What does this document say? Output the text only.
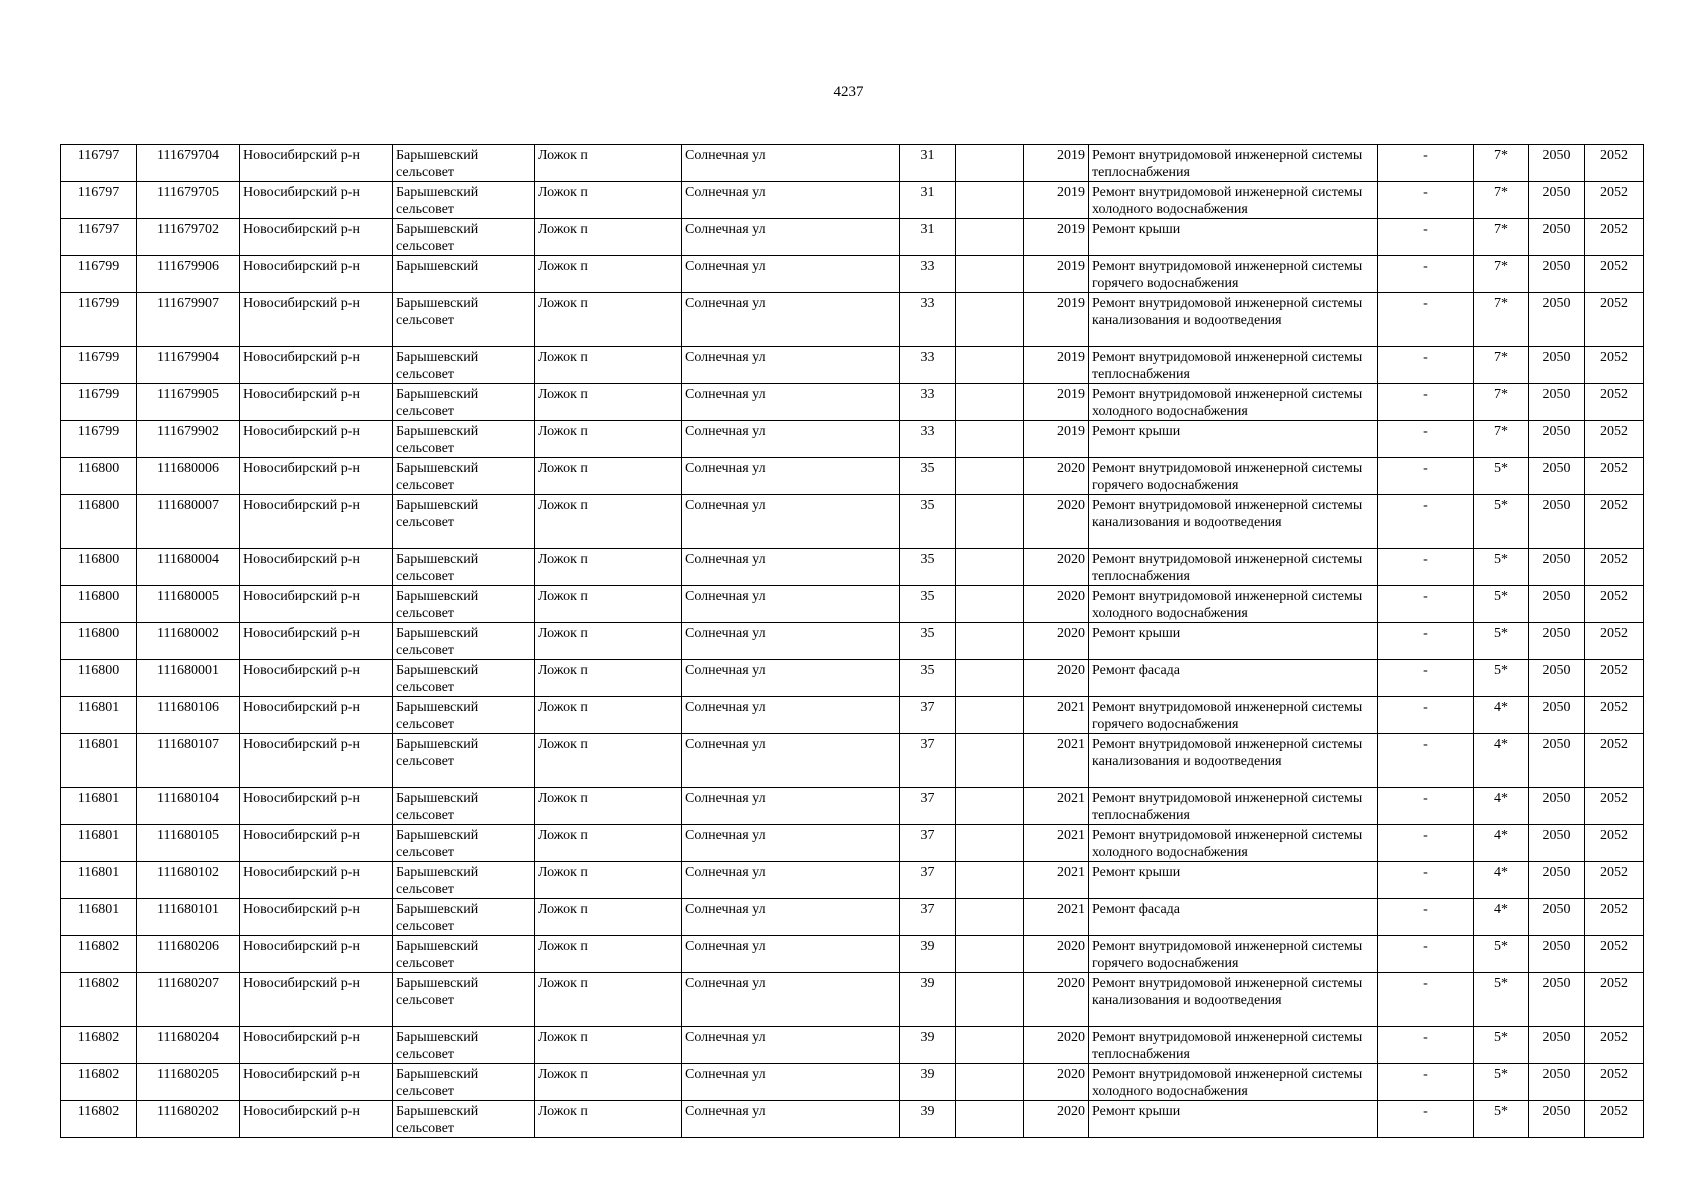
4237
116797	111679704	Новосибирский р-н	Барышевский сельсовет	Ложок п	Солнечная ул	31		2019	Ремонт внутридомовой инженерной системы теплоснабжения	-	7*	2050	2052
116797	111679705	Новосибирский р-н	Барышевский сельсовет	Ложок п	Солнечная ул	31		2019	Ремонт внутридомовой инженерной системы холодного водоснабжения	-	7*	2050	2052
116797	111679702	Новосибирский р-н	Барышевский сельсовет	Ложок п	Солнечная ул	31		2019	Ремонт крыши	-	7*	2050	2052
116799	111679906	Новосибирский р-н	Барышевский	Ложок п	Солнечная ул	33		2019	Ремонт внутридомовой инженерной системы горячего водоснабжения	-	7*	2050	2052
116799	111679907	Новосибирский р-н	Барышевский сельсовет	Ложок п	Солнечная ул	33		2019	Ремонт внутридомовой инженерной системы канализования и водоотведения	-	7*	2050	2052
116799	111679904	Новосибирский р-н	Барышевский сельсовет	Ложок п	Солнечная ул	33		2019	Ремонт внутридомовой инженерной системы теплоснабжения	-	7*	2050	2052
116799	111679905	Новосибирский р-н	Барышевский сельсовет	Ложок п	Солнечная ул	33		2019	Ремонт внутридомовой инженерной системы холодного водоснабжения	-	7*	2050	2052
116799	111679902	Новосибирский р-н	Барышевский сельсовет	Ложок п	Солнечная ул	33		2019	Ремонт крыши	-	7*	2050	2052
116800	111680006	Новосибирский р-н	Барышевский сельсовет	Ложок п	Солнечная ул	35		2020	Ремонт внутридомовой инженерной системы горячего водоснабжения	-	5*	2050	2052
116800	111680007	Новосибирский р-н	Барышевский сельсовет	Ложок п	Солнечная ул	35		2020	Ремонт внутридомовой инженерной системы канализования и водоотведения	-	5*	2050	2052
116800	111680004	Новосибирский р-н	Барышевский сельсовет	Ложок п	Солнечная ул	35		2020	Ремонт внутридомовой инженерной системы теплоснабжения	-	5*	2050	2052
116800	111680005	Новосибирский р-н	Барышевский сельсовет	Ложок п	Солнечная ул	35		2020	Ремонт внутридомовой инженерной системы холодного водоснабжения	-	5*	2050	2052
116800	111680002	Новосибирский р-н	Барышевский сельсовет	Ложок п	Солнечная ул	35		2020	Ремонт крыши	-	5*	2050	2052
116800	111680001	Новосибирский р-н	Барышевский сельсовет	Ложок п	Солнечная ул	35		2020	Ремонт фасада	-	5*	2050	2052
116801	111680106	Новосибирский р-н	Барышевский сельсовет	Ложок п	Солнечная ул	37		2021	Ремонт внутридомовой инженерной системы горячего водоснабжения	-	4*	2050	2052
116801	111680107	Новосибирский р-н	Барышевский сельсовет	Ложок п	Солнечная ул	37		2021	Ремонт внутридомовой инженерной системы канализования и водоотведения	-	4*	2050	2052
116801	111680104	Новосибирский р-н	Барышевский сельсовет	Ложок п	Солнечная ул	37		2021	Ремонт внутридомовой инженерной системы теплоснабжения	-	4*	2050	2052
116801	111680105	Новосибирский р-н	Барышевский сельсовет	Ложок п	Солнечная ул	37		2021	Ремонт внутридомовой инженерной системы холодного водоснабжения	-	4*	2050	2052
116801	111680102	Новосибирский р-н	Барышевский сельсовет	Ложок п	Солнечная ул	37		2021	Ремонт крыши	-	4*	2050	2052
116801	111680101	Новосибирский р-н	Барышевский сельсовет	Ложок п	Солнечная ул	37		2021	Ремонт фасада	-	4*	2050	2052
116802	111680206	Новосибирский р-н	Барышевский сельсовет	Ложок п	Солнечная ул	39		2020	Ремонт внутридомовой инженерной системы горячего водоснабжения	-	5*	2050	2052
116802	111680207	Новосибирский р-н	Барышевский сельсовет	Ложок п	Солнечная ул	39		2020	Ремонт внутридомовой инженерной системы канализования и водоотведения	-	5*	2050	2052
116802	111680204	Новосибирский р-н	Барышевский сельсовет	Ложок п	Солнечная ул	39		2020	Ремонт внутридомовой инженерной системы теплоснабжения	-	5*	2050	2052
116802	111680205	Новосибирский р-н	Барышевский сельсовет	Ложок п	Солнечная ул	39		2020	Ремонт внутридомовой инженерной системы холодного водоснабжения	-	5*	2050	2052
116802	111680202	Новосибирский р-н	Барышевский сельсовет	Ложок п	Солнечная ул	39		2020	Ремонт крыши	-	5*	2050	2052
